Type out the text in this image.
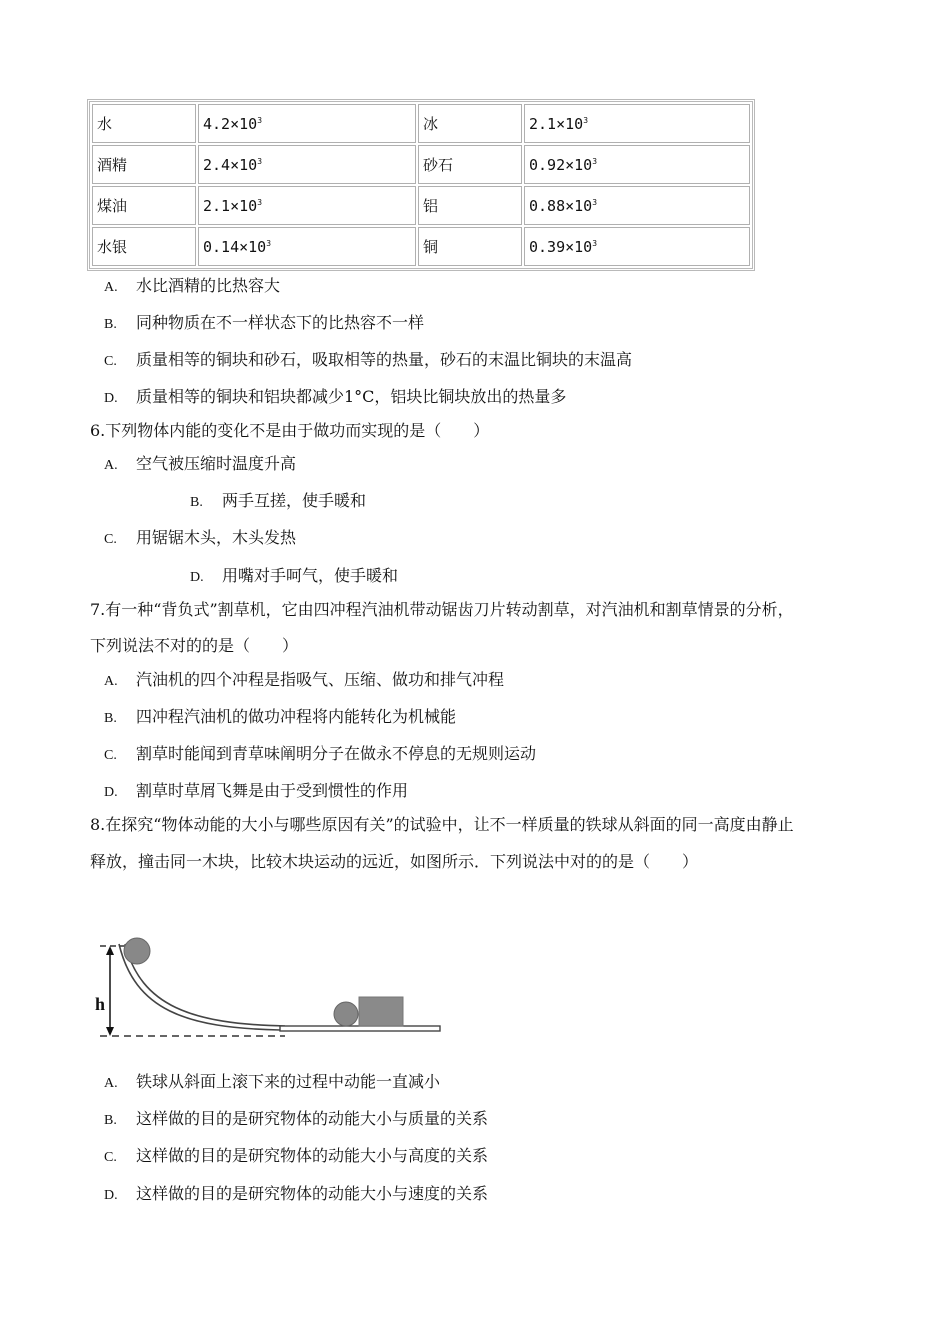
水	$4.2\times 10^3$	冰	$2.1\times 10^3$
酒精	$2.4\times 10^3$	砂石	$0.92\times 10^3$
煤油	$2.1\times 10^3$	铝	$0.88\times 10^3$
水银	$0.14\times 10^3$	铜	$0.39\times 10^3$
A. 水比酒精的比热容大
B. 同种物质在不一样状态下的比热容不一样
C. 质量相等的铜块和砂石，吸取相等的热量，砂石的末温比铜块的末温高
D. 质量相等的铜块和铝块都减少1°C，铝块比铜块放出的热量多
6.下列物体内能的变化不是由于做功而实现的是（　　）
A. 空气被压缩时温度升高
B. 两手互搓，使手暖和
C. 用锯锯木头，木头发热
D. 用嘴对手呵气，使手暖和
7.有一种“背负式”割草机，它由四冲程汽油机带动锯齿刀片转动割草，对汽油机和割草情景的分析，
下列说法不对的的是（　　）
A. 汽油机的四个冲程是指吸气、压缩、做功和排气冲程
B. 四冲程汽油机的做功冲程将内能转化为机械能
C. 割草时能闻到青草味阐明分子在做永不停息的无规则运动
D. 割草时草屑飞舞是由于受到惯性的作用
8.在探究“物体动能的大小与哪些原因有关”的试验中，让不一样质量的铁球从斜面的同一高度由静止
释放，撞击同一木块，比较木块运动的远近，如图所示．下列说法中对的的是（　　）
h
A. 铁球从斜面上滚下来的过程中动能一直减小
B. 这样做的目的是研究物体的动能大小与质量的关系
C. 这样做的目的是研究物体的动能大小与高度的关系
D. 这样做的目的是研究物体的动能大小与速度的关系
